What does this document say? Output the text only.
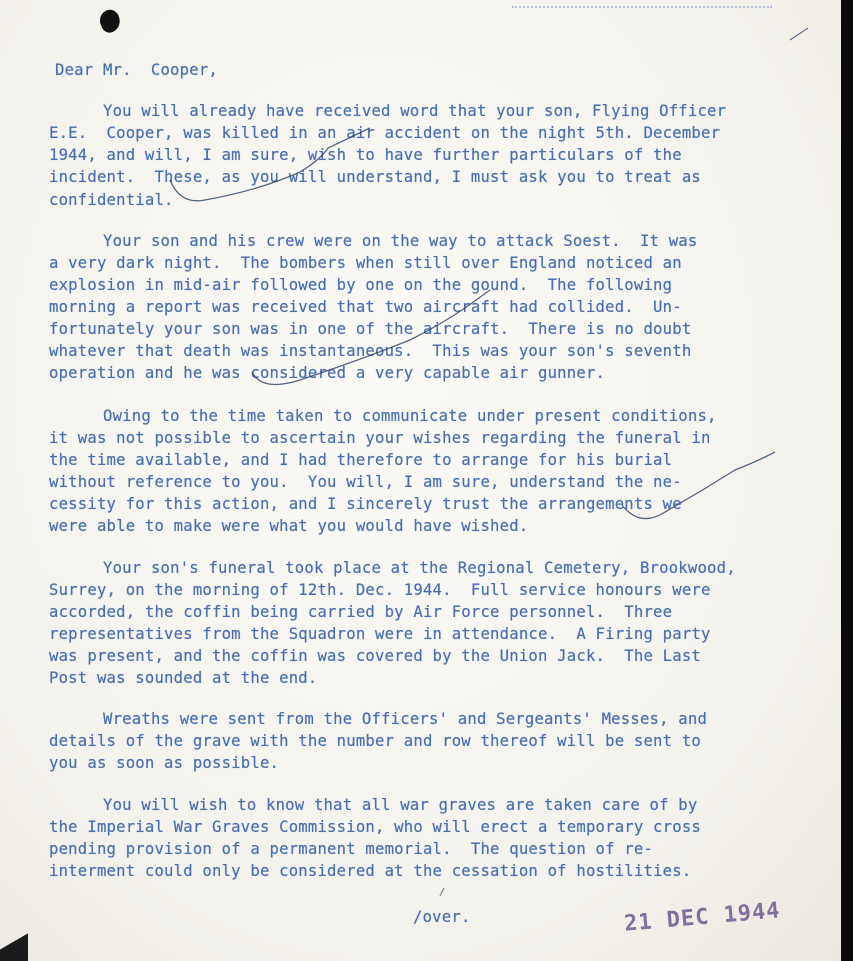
Dear Mr.  Cooper,
You will already have received word that your son, Flying Officer
E.E.  Cooper, was killed in an air accident on the night 5th. December
1944, and will, I am sure, wish to have further particulars of the
incident.  These, as you will understand, I must ask you to treat as
confidential.
Your son and his crew were on the way to attack Soest.  It was
a very dark night.  The bombers when still over England noticed an
explosion in mid-air followed by one on the gound.  The following
morning a report was received that two aircraft had collided.  Un-
fortunately your son was in one of the aircraft.  There is no doubt
whatever that death was instantaneous.  This was your son's seventh
operation and he was considered a very capable air gunner.
Owing to the time taken to communicate under present conditions,
it was not possible to ascertain your wishes regarding the funeral in
the time available, and I had therefore to arrange for his burial
without reference to you.  You will, I am sure, understand the ne-
cessity for this action, and I sincerely trust the arrangements we
were able to make were what you would have wished.
Your son's funeral took place at the Regional Cemetery, Brookwood,
Surrey, on the morning of 12th. Dec. 1944.  Full service honours were
accorded, the coffin being carried by Air Force personnel.  Three
representatives from the Squadron were in attendance.  A Firing party
was present, and the coffin was covered by the Union Jack.  The Last
Post was sounded at the end.
Wreaths were sent from the Officers' and Sergeants' Messes, and
details of the grave with the number and row thereof will be sent to
you as soon as possible.
You will wish to know that all war graves are taken care of by
the Imperial War Graves Commission, who will erect a temporary cross
pending provision of a permanent memorial.  The question of re-
interment could only be considered at the cessation of hostilities.
/over.	21 DEC 1944
